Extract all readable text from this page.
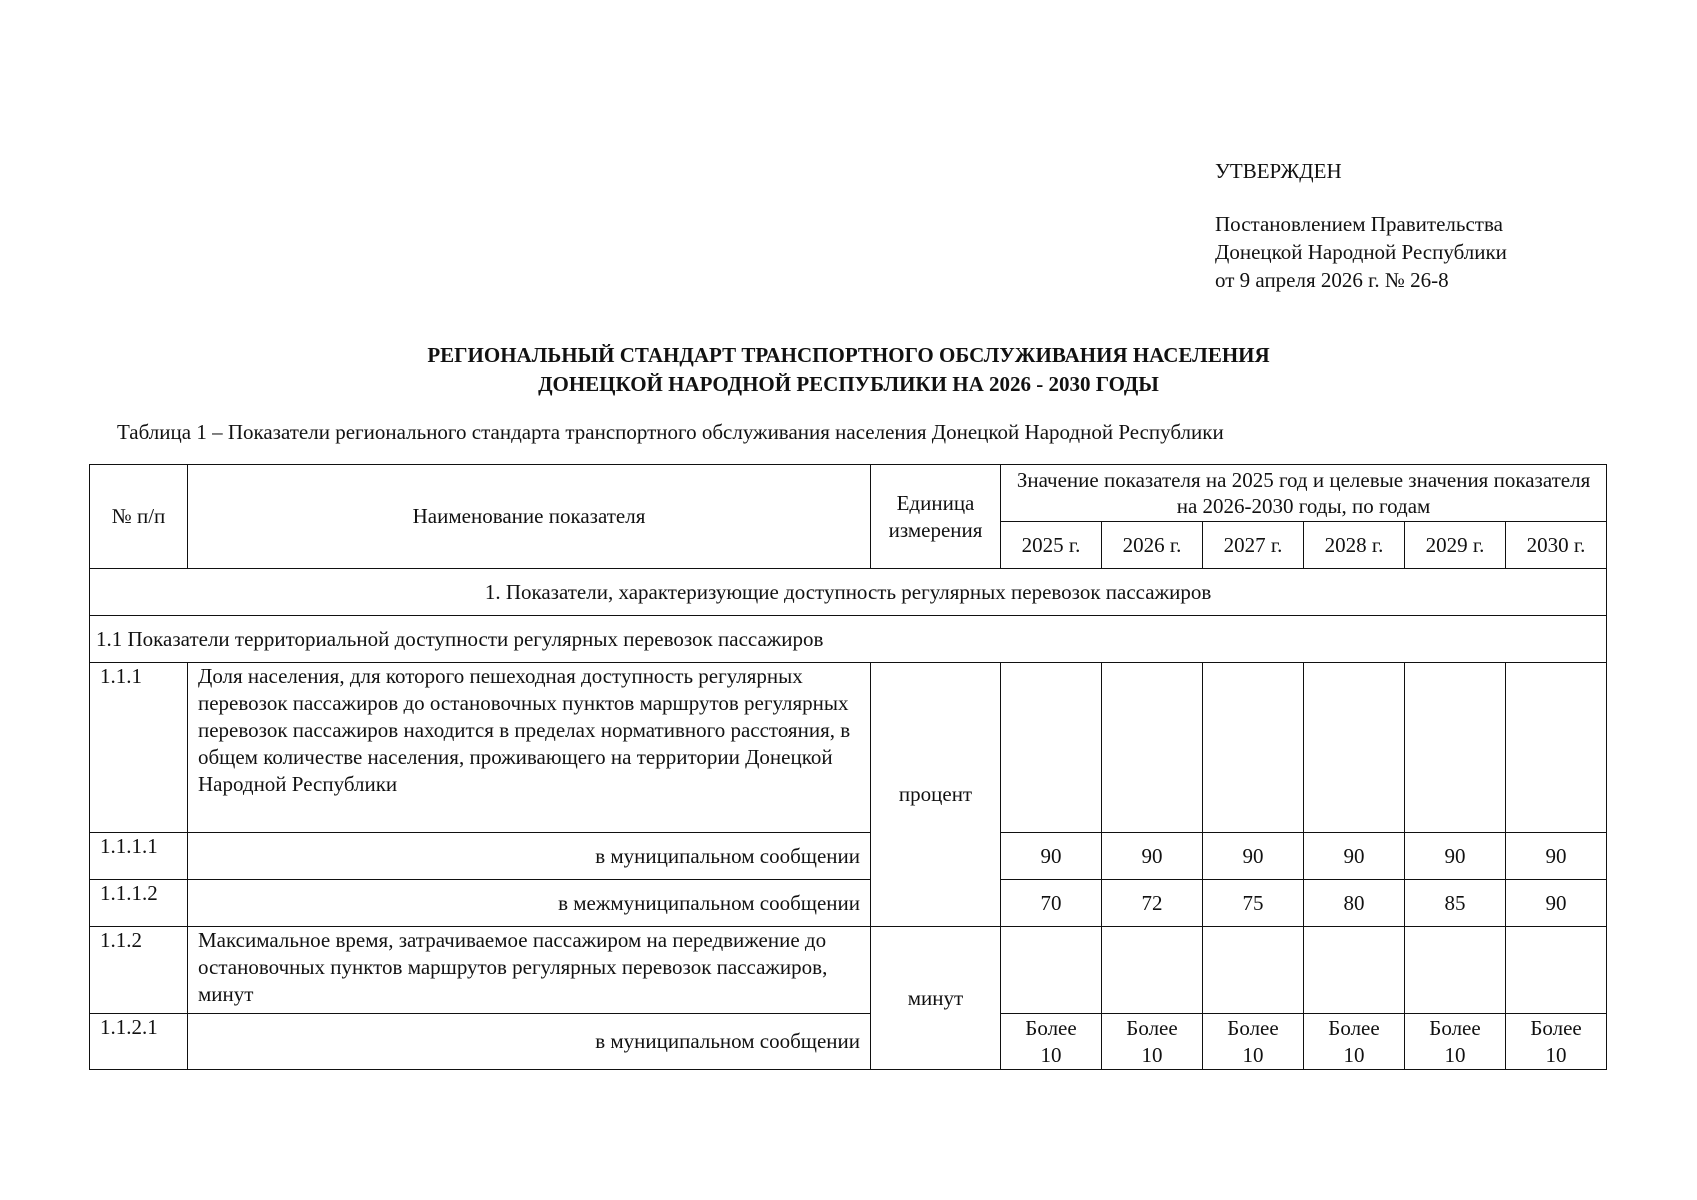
УТВЕРЖДЕН
Постановлением Правительства
Донецкой Народной Республики
от 9 апреля 2026 г. № 26-8
РЕГИОНАЛЬНЫЙ СТАНДАРТ ТРАНСПОРТНОГО ОБСЛУЖИВАНИЯ НАСЕЛЕНИЯ
ДОНЕЦКОЙ НАРОДНОЙ РЕСПУБЛИКИ НА 2026 - 2030 ГОДЫ
Таблица 1 – Показатели регионального стандарта транспортного обслуживания населения Донецкой Народной Республики
№ п/п	Наименование показателя	Единица измерения	Значение показателя на 2025 год и целевые значения показателя на 2026-2030 годы, по годам					
			2025 г.	2026 г.	2027 г.	2028 г.	2029 г.	2030 г.
1. Показатели, характеризующие доступность регулярных перевозок пассажиров								
1.1 Показатели территориальной доступности регулярных перевозок пассажиров								
1.1.1	Доля населения, для которого пешеходная доступность регулярных перевозок пассажиров до остановочных пунктов маршрутов регулярных перевозок пассажиров находится в пределах нормативного расстояния, в общем количестве населения, проживающего на территории Донецкой Народной Республики	процент						
1.1.1.1	в муниципальном сообщении		90	90	90	90	90	90
1.1.1.2	в межмуниципальном сообщении		70	72	75	80	85	90
1.1.2	Максимальное время, затрачиваемое пассажиром на передвижение до остановочных пунктов маршрутов регулярных перевозок пассажиров, минут	минут						
1.1.2.1	в муниципальном сообщении		Более 10	Более 10	Более 10	Более 10	Более 10	Более 10
